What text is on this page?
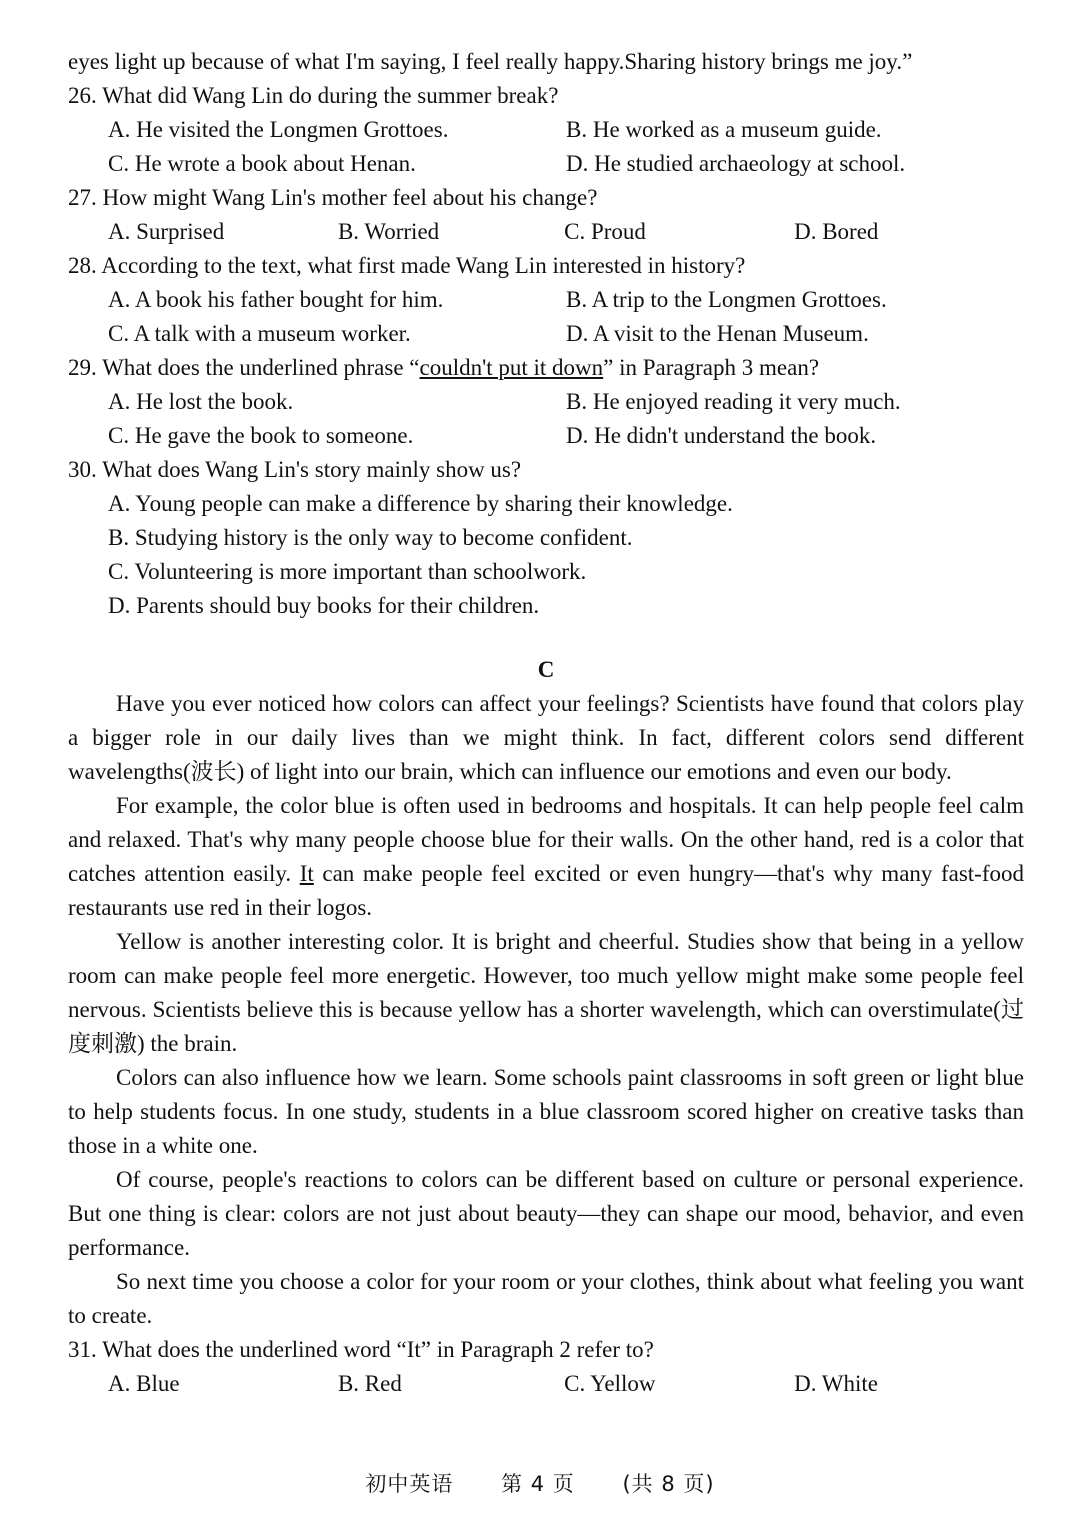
eyes light up because of what I'm saying, I feel really happy.Sharing history brings me joy.”
26. What did Wang Lin do during the summer break?
A. He visited the Longmen Grottoes.	B. He worked as a museum guide.
C. He wrote a book about Henan.	D. He studied archaeology at school.
27. How might Wang Lin's mother feel about his change?
A. Surprised	B. Worried	C. Proud	D. Bored
28. According to the text, what first made Wang Lin interested in history?
A. A book his father bought for him.	B. A trip to the Longmen Grottoes.
C. A talk with a museum worker.	D. A visit to the Henan Museum.
29. What does the underlined phrase “couldn't put it down” in Paragraph 3 mean?
A. He lost the book.	B. He enjoyed reading it very much.
C. He gave the book to someone.	D. He didn't understand the book.
30. What does Wang Lin's story mainly show us?
A. Young people can make a difference by sharing their knowledge.
B. Studying history is the only way to become confident.
C. Volunteering is more important than schoolwork.
D. Parents should buy books for their children.
C

Have you ever noticed how colors can affect your feelings? Scientists have found that colors play a bigger role in our daily lives than we might think. In fact, different colors send different wavelengths(波长) of light into our brain, which can influence our emotions and even our body.

For example, the color blue is often used in bedrooms and hospitals. It can help people feel calm and relaxed. That's why many people choose blue for their walls. On the other hand, red is a color that catches attention easily. It can make people feel excited or even hungry—that's why many fast-food restaurants use red in their logos.

Yellow is another interesting color. It is bright and cheerful. Studies show that being in a yellow room can make people feel more energetic. However, too much yellow might make some people feel nervous. Scientists believe this is because yellow has a shorter wavelength, which can overstimulate(过度刺激) the brain.

Colors can also influence how we learn. Some schools paint classrooms in soft green or light blue to help students focus. In one study, students in a blue classroom scored higher on creative tasks than those in a white one.

Of course, people's reactions to colors can be different based on culture or personal experience. But one thing is clear: colors are not just about beauty—they can shape our mood, behavior, and even performance.

So next time you choose a color for your room or your clothes, think about what feeling you want to create.

31. What does the underlined word “It” in Paragraph 2 refer to?
A. Blue	B. Red	C. Yellow	D. White
初中英语 第 4 页 (共 8 页)
